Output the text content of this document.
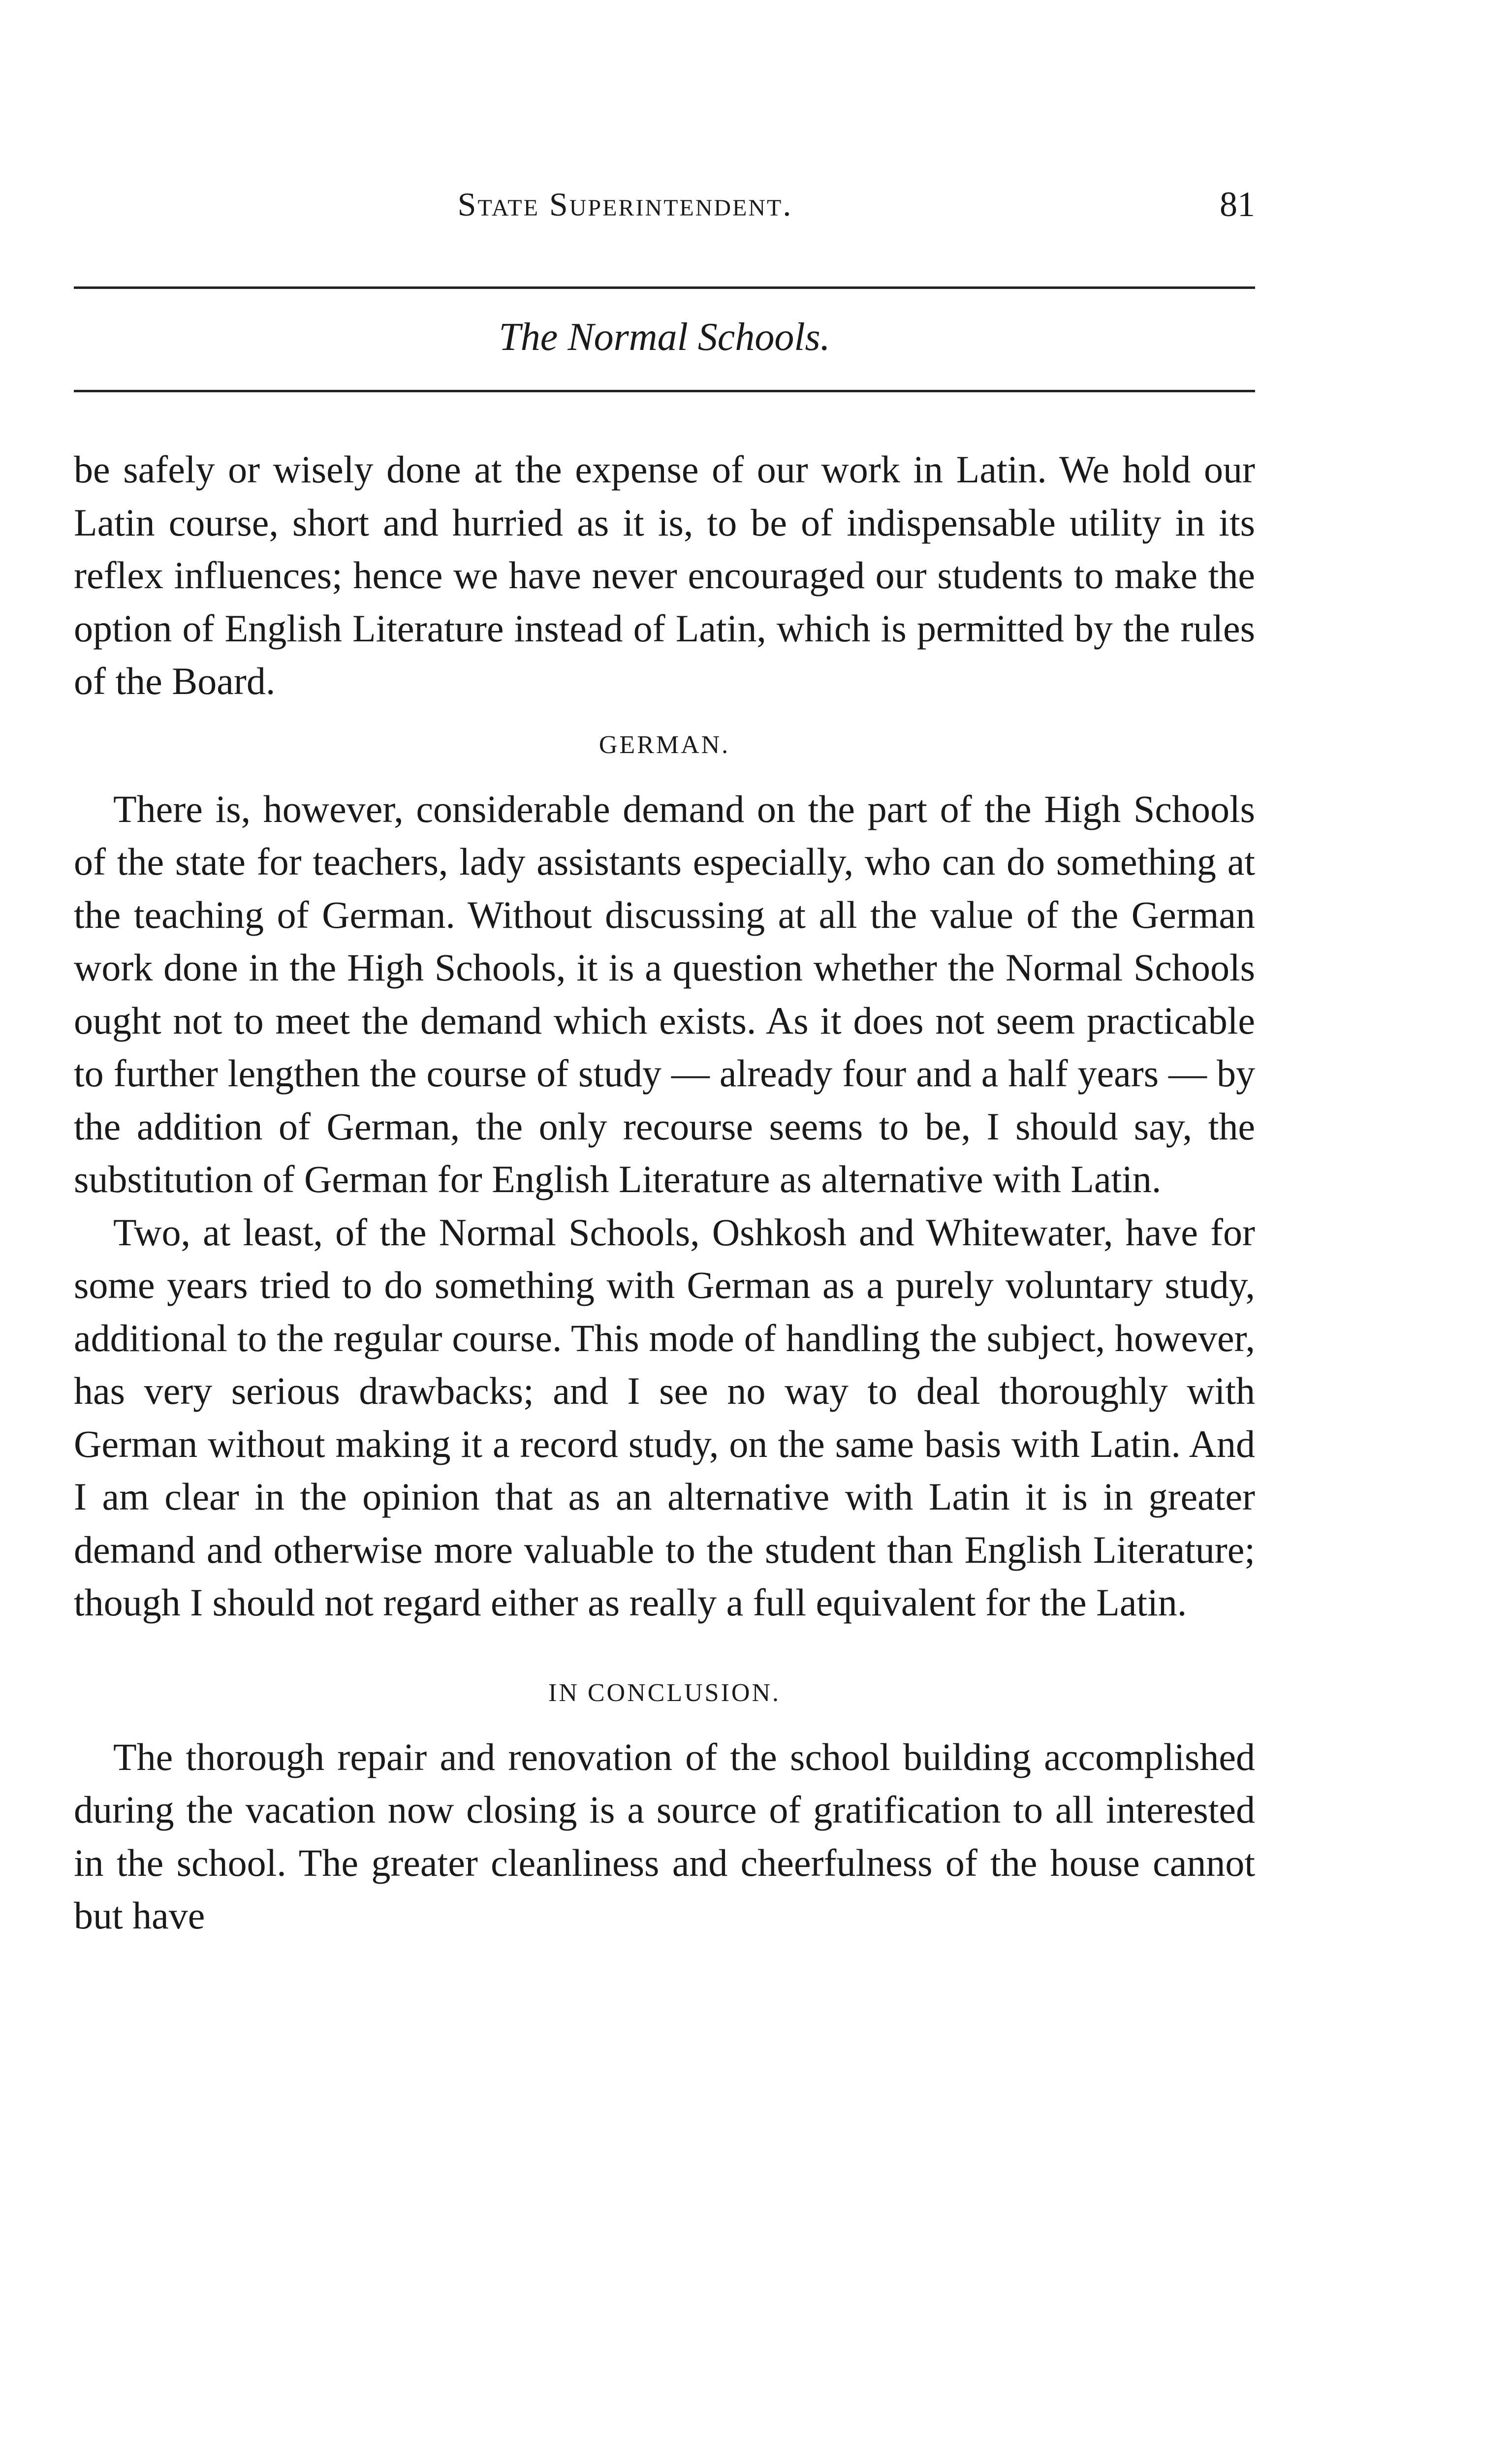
State Superintendent.	81
The Normal Schools.

be safely or wisely done at the expense of our work in Latin. We hold our Latin course, short and hurried as it is, to be of indispensable utility in its reflex influences; hence we have never encouraged our students to make the option of English Literature instead of Latin, which is permitted by the rules of the Board.

GERMAN.

There is, however, considerable demand on the part of the High Schools of the state for teachers, lady assistants especially, who can do something at the teaching of German. Without discussing at all the value of the German work done in the High Schools, it is a question whether the Normal Schools ought not to meet the demand which exists. As it does not seem practicable to further lengthen the course of study — already four and a half years — by the addition of German, the only recourse seems to be, I should say, the substitution of German for English Literature as alternative with Latin.

Two, at least, of the Normal Schools, Oshkosh and Whitewater, have for some years tried to do something with German as a purely voluntary study, additional to the regular course. This mode of handling the subject, however, has very serious drawbacks; and I see no way to deal thoroughly with German without making it a record study, on the same basis with Latin. And I am clear in the opinion that as an alternative with Latin it is in greater demand and otherwise more valuable to the student than English Literature; though I should not regard either as really a full equivalent for the Latin.

IN CONCLUSION.

The thorough repair and renovation of the school building accomplished during the vacation now closing is a source of gratification to all interested in the school. The greater cleanliness and cheerfulness of the house cannot but have
